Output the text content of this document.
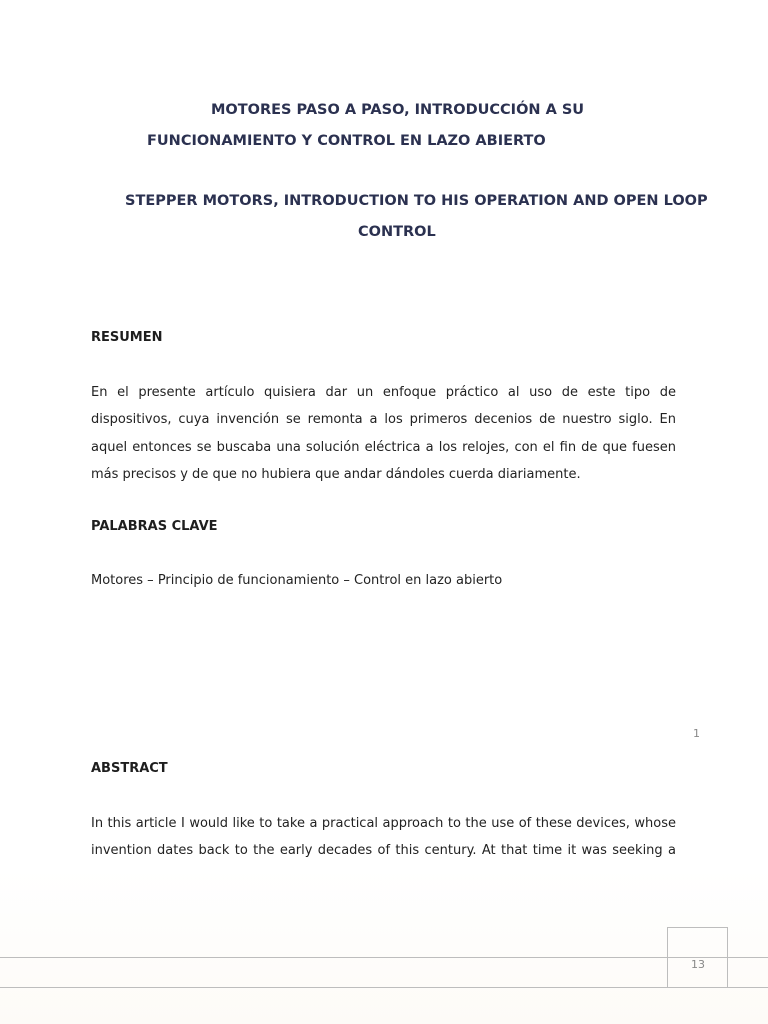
MOTORES PASO A PASO, INTRODUCCIÓN A SU
FUNCIONAMIENTO Y CONTROL EN LAZO ABIERTO
STEPPER MOTORS, INTRODUCTION TO HIS OPERATION AND OPEN LOOP
CONTROL
RESUMEN
En el presente artículo quisiera dar un enfoque práctico al uso de este tipo de dispositivos, cuya invención se remonta a los primeros decenios de nuestro siglo. En aquel entonces se buscaba una solución eléctrica a los relojes, con el fin de que fuesen más precisos y de que no hubiera que andar dándoles cuerda diariamente.
PALABRAS CLAVE
Motores – Principio de funcionamiento – Control en lazo abierto
1
ABSTRACT
In this article I would like to take a practical approach to the use of these devices, whose invention dates back to the early decades of this century. At that time it was seeking a
13
